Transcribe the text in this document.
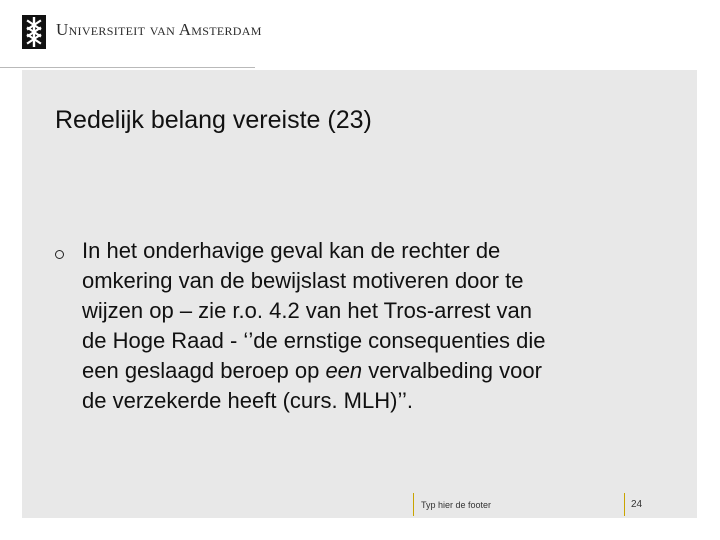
Universiteit van Amsterdam
Redelijk belang vereiste (23)
In het onderhavige geval kan de rechter de
omkering van de bewijslast motiveren door te
wijzen op – zie r.o. 4.2 van het Tros-arrest van
de Hoge Raad - ‘’de ernstige consequenties die
een geslaagd beroep op een vervalbeding voor
de verzekerde heeft (curs. MLH)’’.
Typ hier de footer	24
